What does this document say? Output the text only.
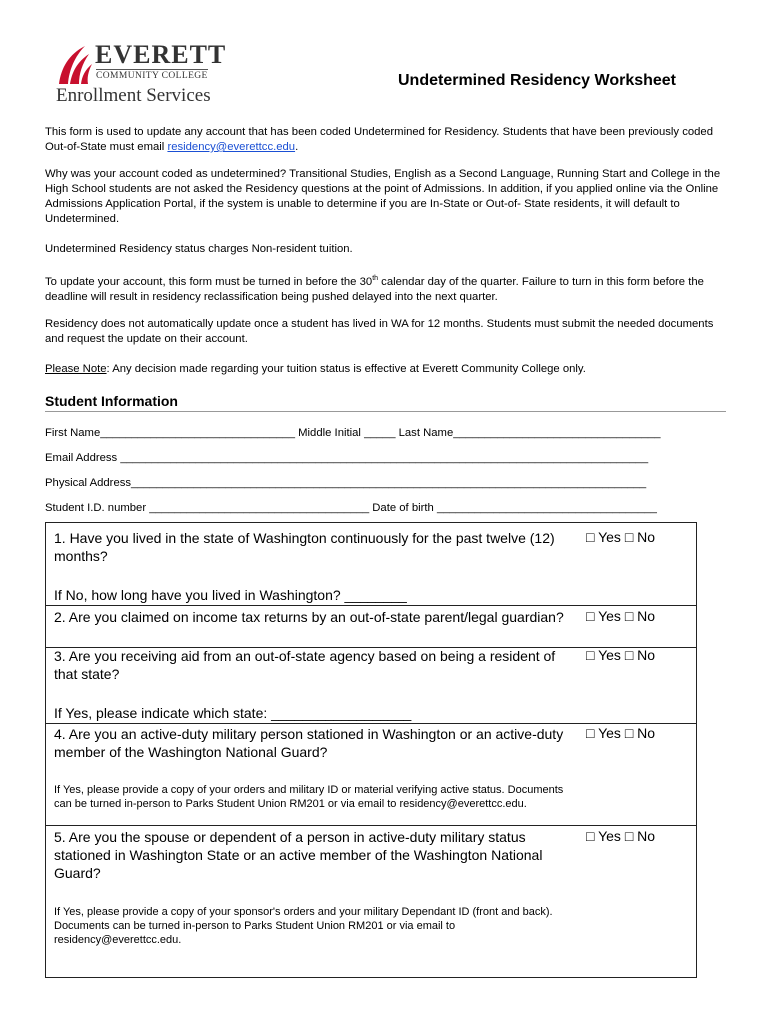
EVERETT
COMMUNITY COLLEGE
Enrollment Services
Undetermined Residency Worksheet
This form is used to update any account that has been coded Undetermined for Residency. Students that have been previously coded Out-of-State must email residency@everettcc.edu.
Why was your account coded as undetermined? Transitional Studies, English as a Second Language, Running Start and College in the High School students are not asked the Residency questions at the point of Admissions. In addition, if you applied online via the Online Admissions Application Portal, if the system is unable to determine if you are In-State or Out-of- State residents, it will default to Undetermined.
Undetermined Residency status charges Non-resident tuition.
To update your account, this form must be turned in before the 30th calendar day of the quarter. Failure to turn in this form before the deadline will result in residency reclassification being pushed delayed into the next quarter.
Residency does not automatically update once a student has lived in WA for 12 months. Students must submit the needed documents and request the update on their account.
Please Note: Any decision made regarding your tuition status is effective at Everett Community College only.
Student Information
First Name_______________________________ Middle Initial _____ Last Name_________________________________
Email Address ____________________________________________________________________________________
Physical Address__________________________________________________________________________________
Student I.D. number ___________________________________ Date of birth ___________________________________
1. Have you lived in the state of Washington continuously for the past twelve (12) months?
□ Yes □ No
If No, how long have you lived in Washington? ________
2. Are you claimed on income tax returns by an out-of-state parent/legal guardian?	□ Yes □ No
3. Are you receiving aid from an out-of-state agency based on being a resident of that state?
□ Yes □ No
If Yes, please indicate which state: __________________
4. Are you an active-duty military person stationed in Washington or an active-duty member of the Washington National Guard?
□ Yes □ No
If Yes, please provide a copy of your orders and military ID or material verifying active status. Documents can be turned in-person to Parks Student Union RM201 or via email to residency@everettcc.edu.
5. Are you the spouse or dependent of a person in active-duty military status stationed in Washington State or an active member of the Washington National Guard?
□ Yes □ No
If Yes, please provide a copy of your sponsor's orders and your military Dependant ID (front and back). Documents can be turned in-person to Parks Student Union RM201 or via email to residency@everettcc.edu.
